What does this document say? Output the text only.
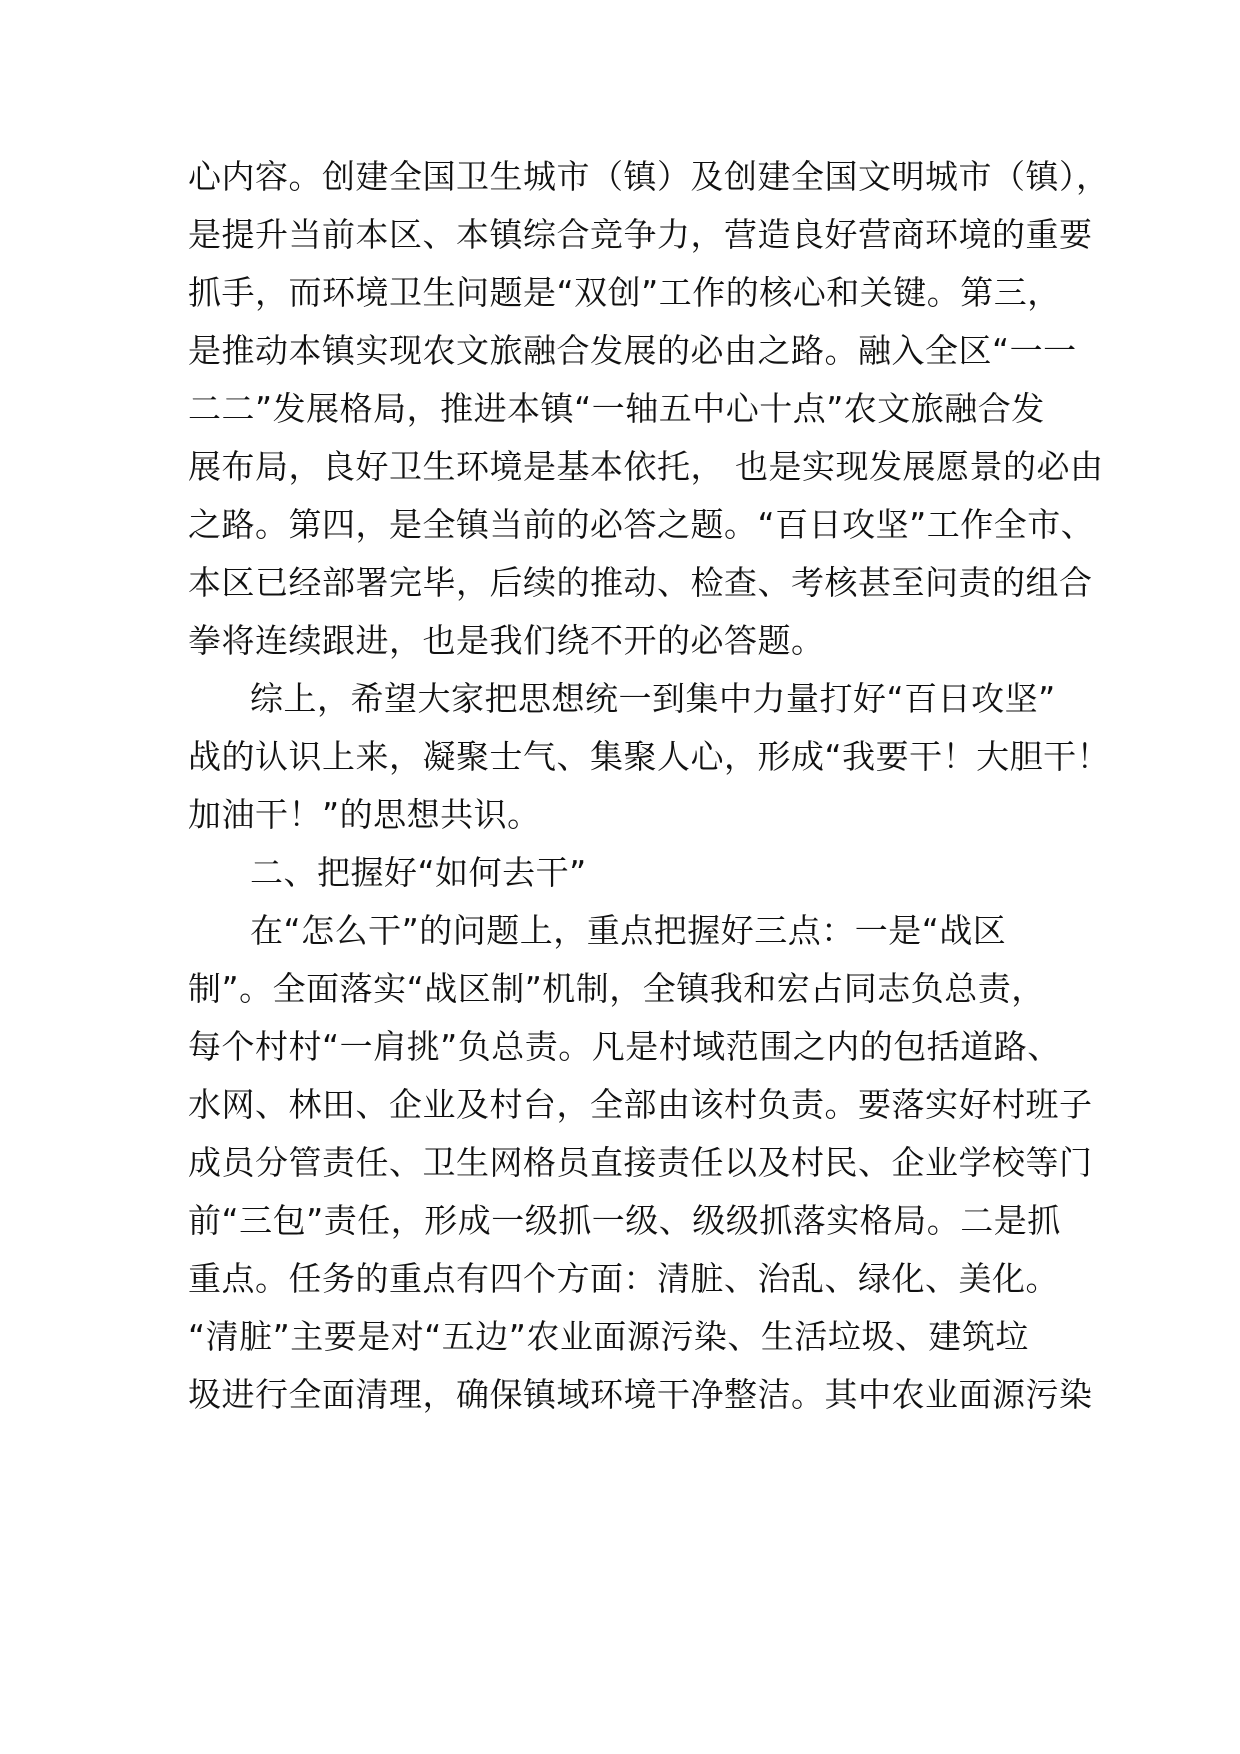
心内容。创建全国卫生城市（镇）及创建全国文明城市（镇），
是提升当前本区、本镇综合竞争力，营造良好营商环境的重要
抓手，而环境卫生问题是“双创”工作的核心和关键。第三，
是推动本镇实现农文旅融合发展的必由之路。融入全区“一一
二二”发展格局，推进本镇“一轴五中心十点”农文旅融合发
展布局，良好卫生环境是基本依托， 也是实现发展愿景的必由
之路。第四，是全镇当前的必答之题。“百日攻坚”工作全市、
本区已经部署完毕，后续的推动、检查、考核甚至问责的组合
拳将连续跟进，也是我们绕不开的必答题。
综上，希望大家把思想统一到集中力量打好“百日攻坚”
战的认识上来，凝聚士气、集聚人心，形成“我要干！大胆干！
加油干！”的思想共识。
二、把握好“如何去干”
在“怎么干”的问题上，重点把握好三点：一是“战区
制”。全面落实“战区制”机制，全镇我和宏占同志负总责，
每个村村“一肩挑”负总责。凡是村域范围之内的包括道路、
水网、林田、企业及村台，全部由该村负责。要落实好村班子
成员分管责任、卫生网格员直接责任以及村民、企业学校等门
前“三包”责任，形成一级抓一级、级级抓落实格局。二是抓
重点。任务的重点有四个方面：清脏、治乱、绿化、美化。
“清脏”主要是对“五边”农业面源污染、生活垃圾、建筑垃
圾进行全面清理，确保镇域环境干净整洁。其中农业面源污染
